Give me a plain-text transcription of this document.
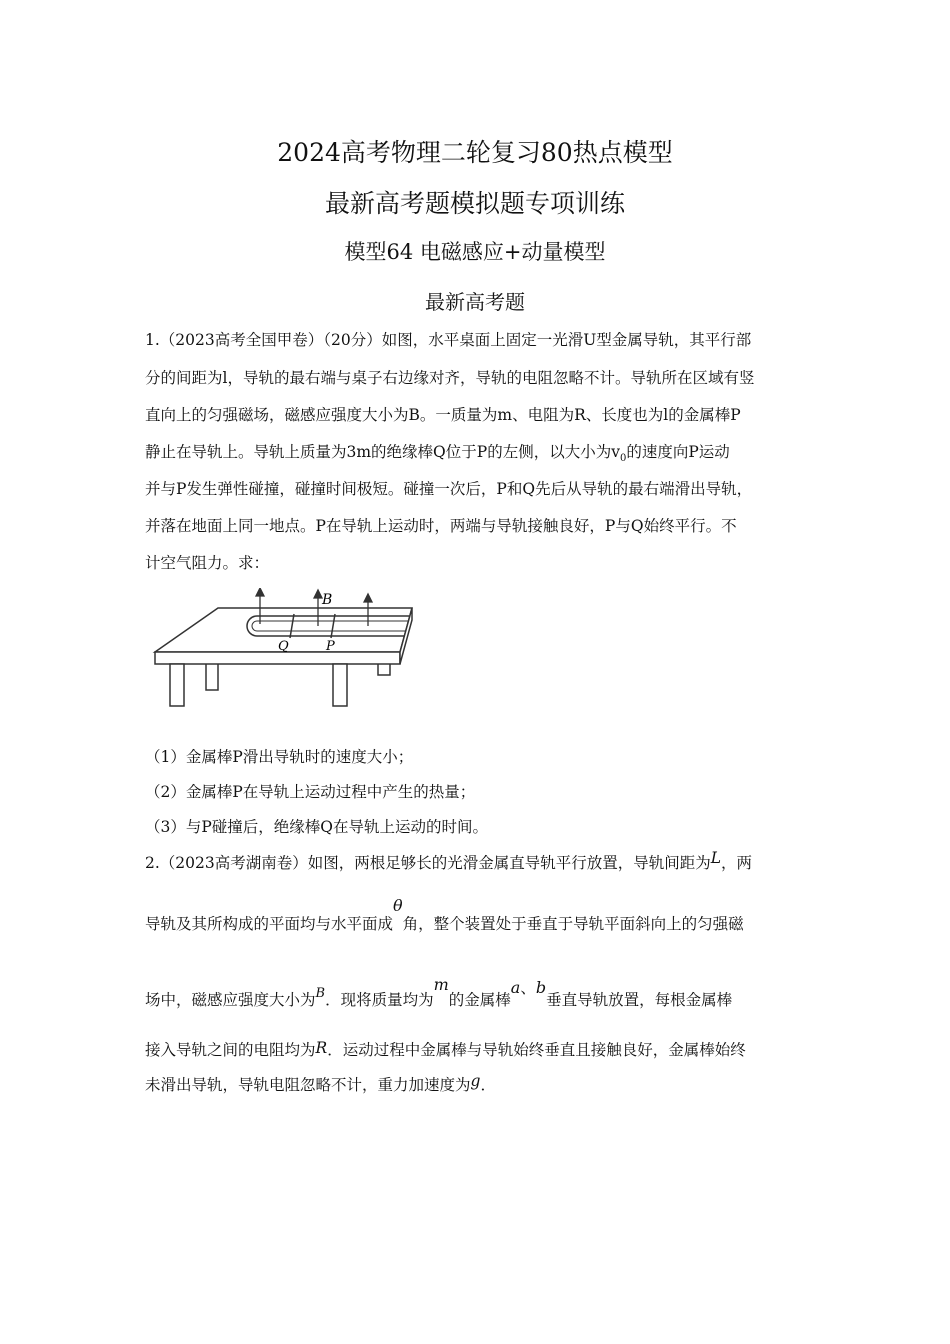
2024高考物理二轮复习80热点模型
最新高考题模拟题专项训练
模型64 电磁感应+动量模型
最新高考题
1.（2023高考全国甲卷）（20分）如图，水平桌面上固定一光滑U型金属导轨，其平行部
分的间距为l，导轨的最右端与桌子右边缘对齐，导轨的电阻忽略不计。导轨所在区域有竖
直向上的匀强磁场，磁感应强度大小为B。一质量为m、电阻为R、长度也为l的金属棒P
静止在导轨上。导轨上质量为3m的绝缘棒Q位于P的左侧，以大小为$v_0$的速度向P运动
并与P发生弹性碰撞，碰撞时间极短。碰撞一次后，P和Q先后从导轨的最右端滑出导轨，
并落在地面上同一地点。P在导轨上运动时，两端与导轨接触良好，P与Q始终平行。不
计空气阻力。求：
B
Q	P
（1）金属棒P滑出导轨时的速度大小；
（2）金属棒P在导轨上运动过程中产生的热量；
（3）与P碰撞后，绝缘棒Q在导轨上运动的时间。
2.（2023高考湖南卷）如图，两根足够长的光滑金属直导轨平行放置，导轨间距为L，两
导轨及其所构成的平面均与水平面成θ角，整个装置处于垂直于导轨平面斜向上的匀强磁
场中，磁感应强度大小为$^B$．现将质量均为m的金属棒a、b垂直导轨放置，每根金属棒
接入导轨之间的电阻均为R．运动过程中金属棒与导轨始终垂直且接触良好，金属棒始终
未滑出导轨，导轨电阻忽略不计，重力加速度为g．
